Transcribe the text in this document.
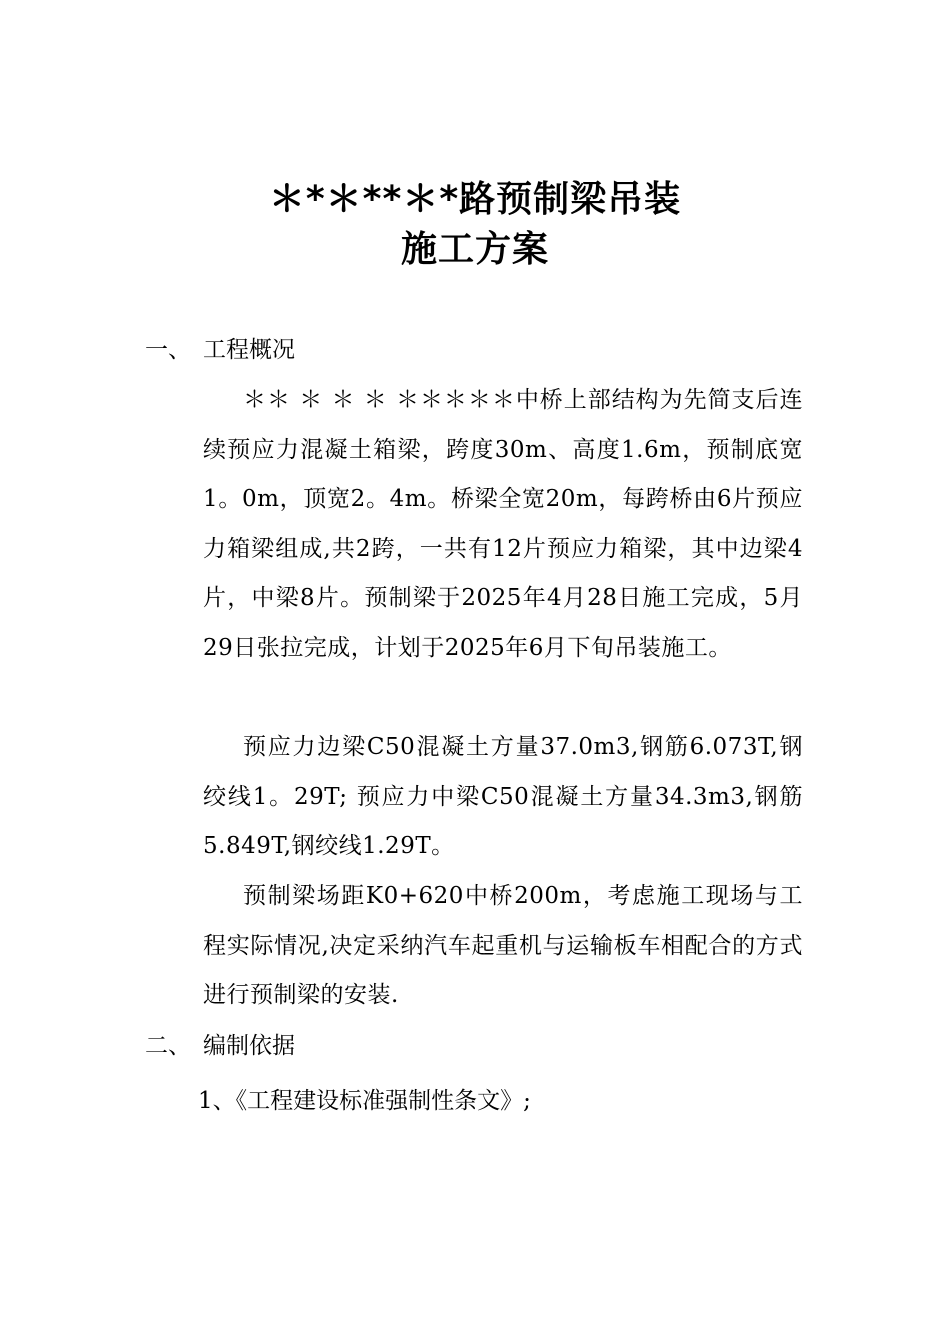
＊*＊**＊*路预制梁吊装
施工方案
一、 工程概况

＊＊ ＊ ＊ ＊ ＊＊＊＊＊中桥上部结构为先简支后连续预应力混凝土箱梁，跨度30m、高度1.6m，预制底宽1。0m，顶宽2。4m。桥梁全宽20m，每跨桥由6片预应力箱梁组成,共2跨，一共有12片预应力箱梁，其中边梁4片，中梁8片。预制梁于2025年4月28日施工完成，5月29日张拉完成，计划于2025年6月下旬吊装施工。

预应力边梁C50混凝土方量37.0m3,钢筋6.073T,钢绞线1。29T; 预应力中梁C50混凝土方量34.3m3,钢筋5.849T,钢绞线1.29T。

预制梁场距K0+620中桥200m，考虑施工现场与工程实际情况,决定采纳汽车起重机与运输板车相配合的方式进行预制梁的安装.

二、 编制依据
1、《工程建设标准强制性条文》;
